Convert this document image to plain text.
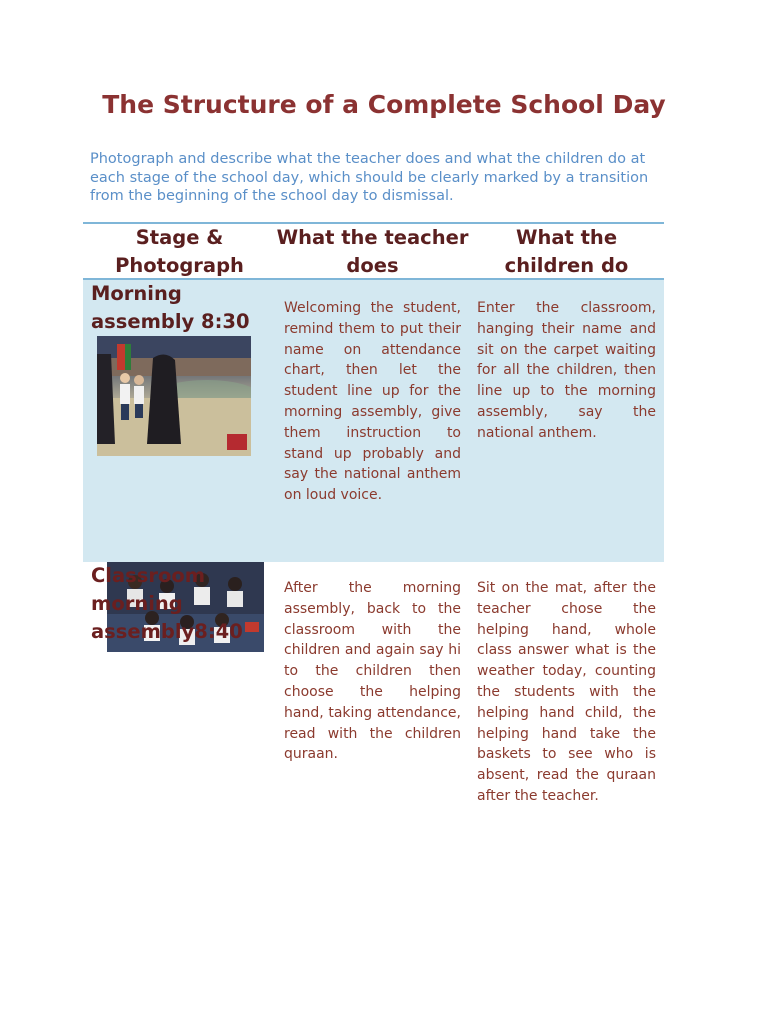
The Structure of a Complete School Day

Photograph and describe what the teacher does and what the children do at each stage of the school day, which should be clearly marked by a transition from the beginning of the school day to dismissal.

Stage & Photograph
What the teacher does
What the children do
Morning assembly 8:30
Welcoming the student, remind them to put their name on attendance chart, then let the student line up for the morning assembly, give them instruction to stand up probably and say the national anthem on loud voice.
Enter the classroom, hanging their name and sit on the carpet waiting for all the children, then line up to the morning assembly, say the national anthem.
Classroom morning assembly8:40
After the morning assembly, back to the classroom with the children and again say hi to the children then choose the helping hand, taking attendance, read with the children quraan.
Sit on the mat, after the teacher chose the helping hand, whole class answer what is the weather today, counting the students with the helping hand child, the helping hand take the baskets to see who is absent, read the quraan after the teacher.
